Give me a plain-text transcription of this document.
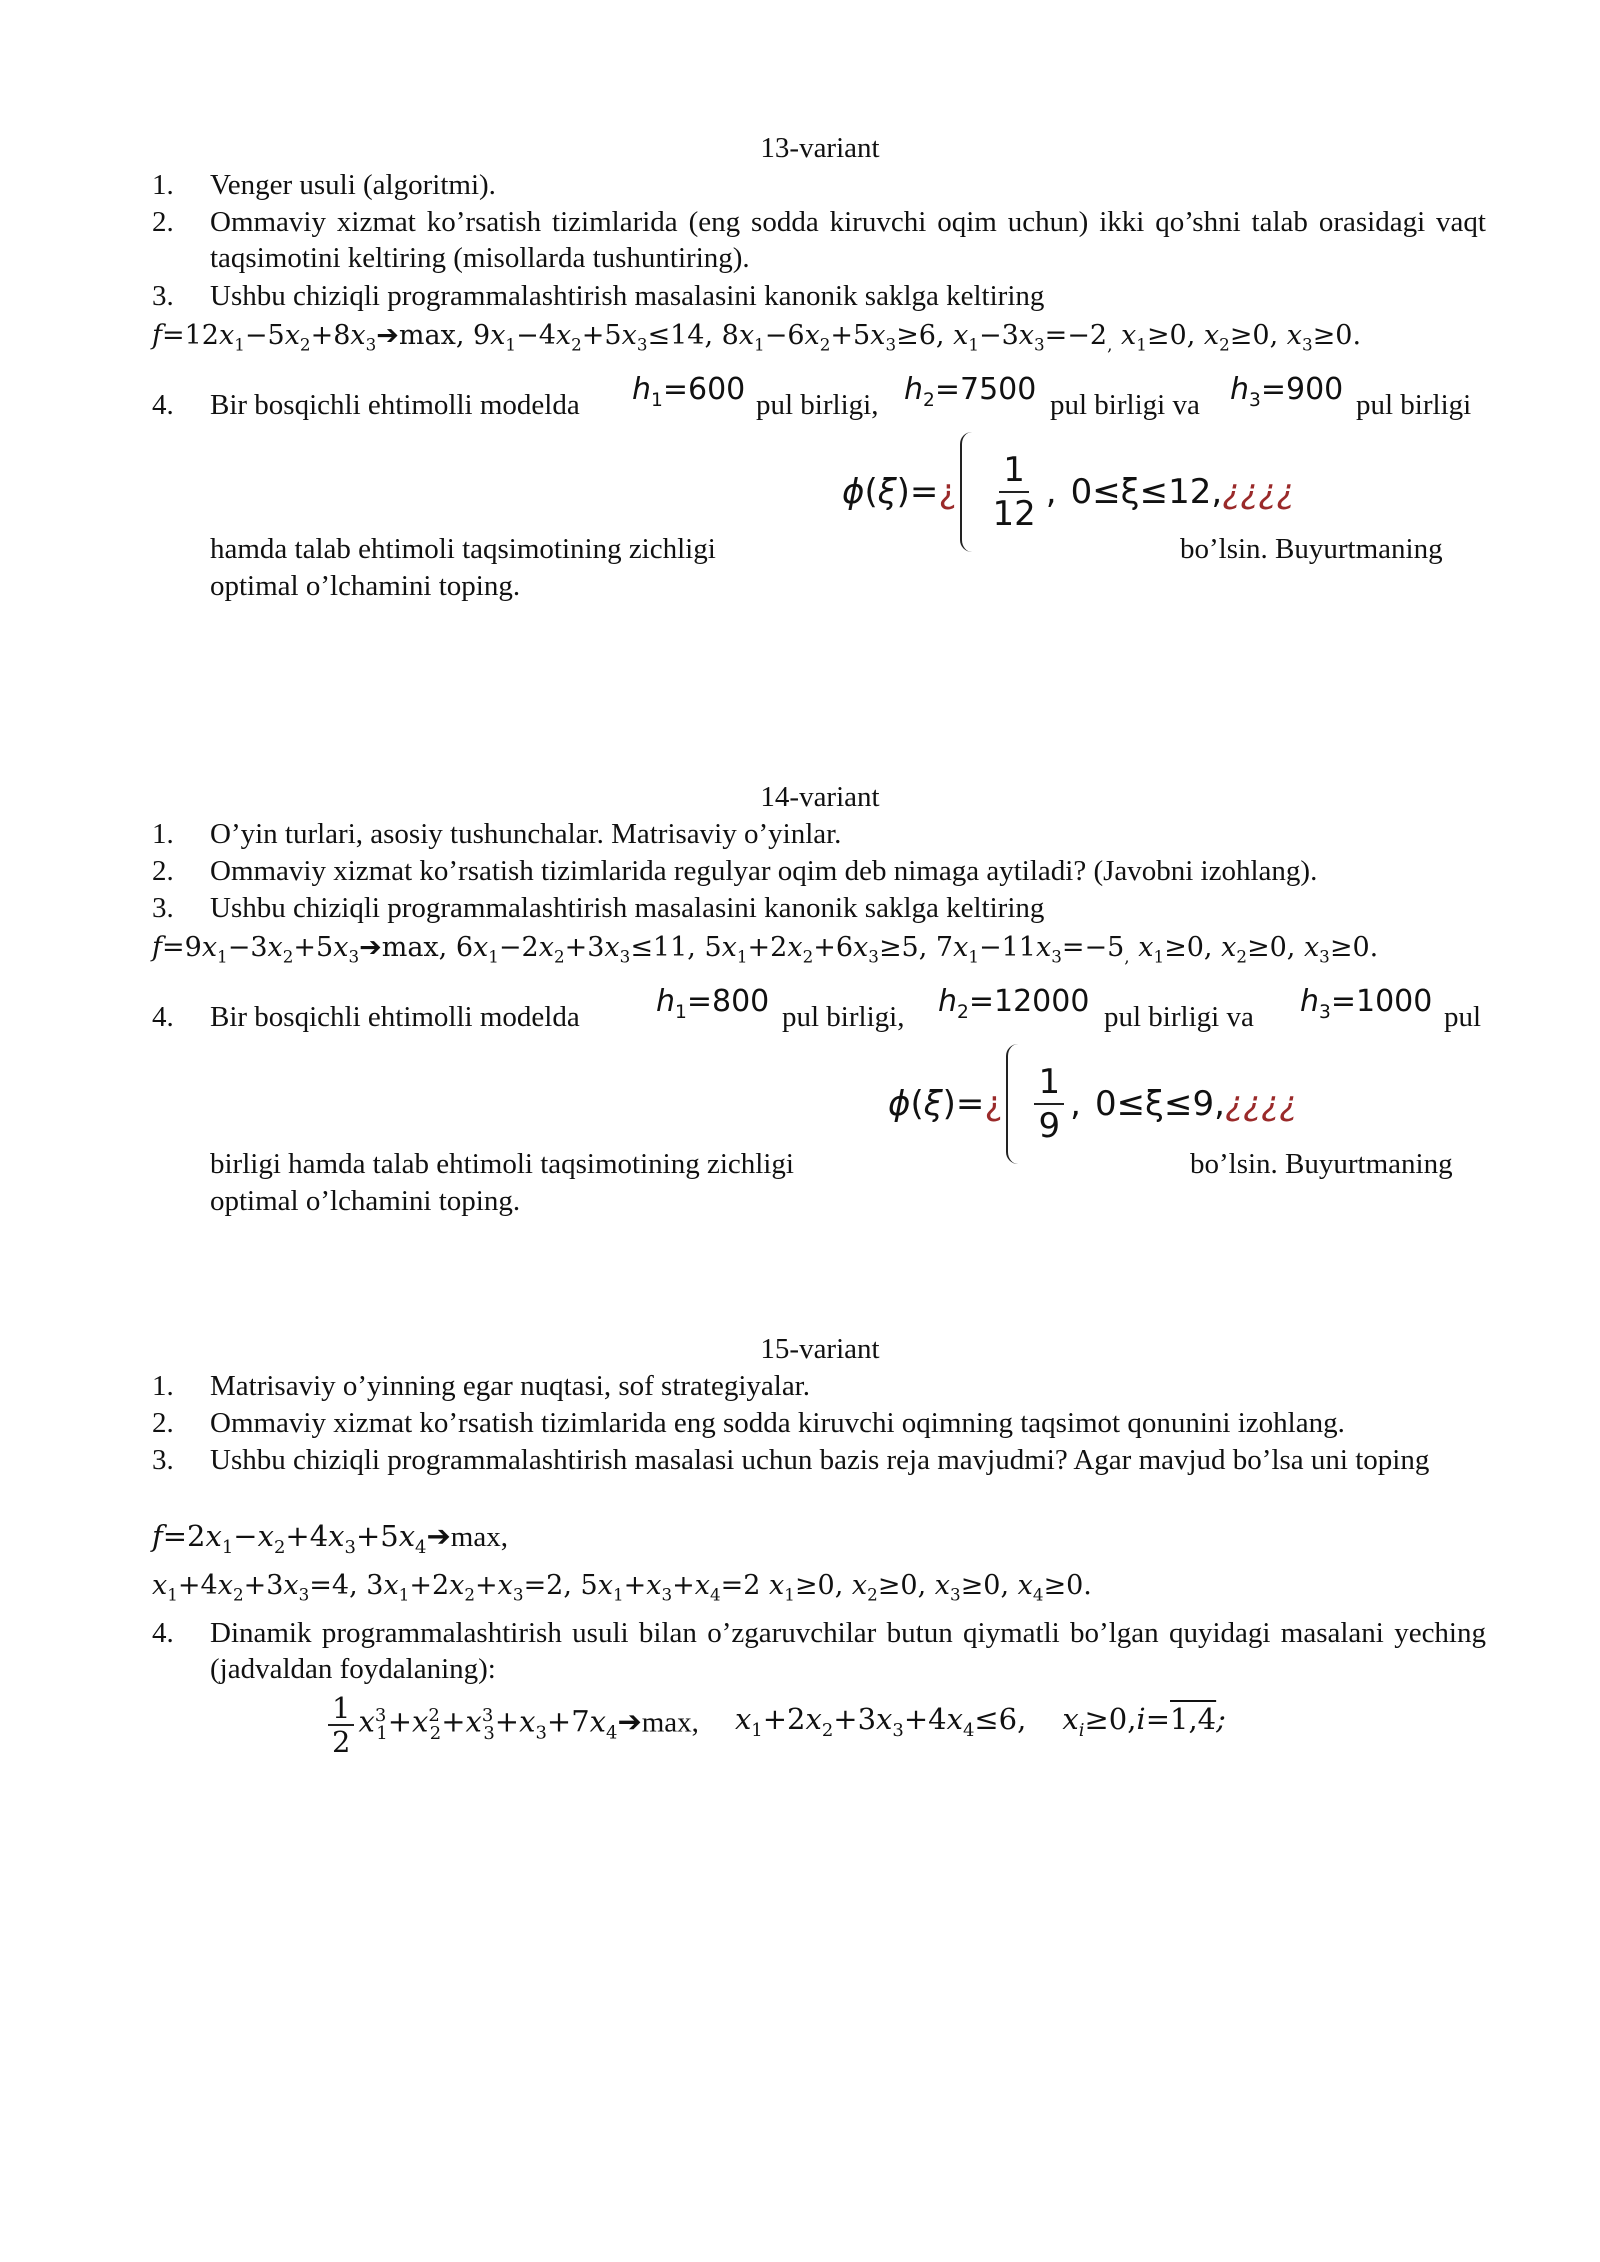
13-variant
1.	Venger usuli (algoritmi).
2.	Ommaviy xizmat ko’rsatish tizimlarida (eng sodda kiruvchi oqim uchun) ikki qo’shni talab orasidagi vaqt taqsimotini keltiring (misollarda tushuntiring).
3.	Ushbu chiziqli programmalashtirish masalasini kanonik saklga keltiring
$f=12x_1-5x_2+8x_3➔\max$, $9x_1-4x_2+5x_3\le 14$, $8x_1-6x_2+5x_3\ge 6$, $x_1-3x_3=-2_,$ $x_1\ge 0$, $x_2\ge 0$, $x_3\ge 0$.
4. Bir bosqichli ehtimolli modelda $h_1=600$ pul birligi, $h_2=7500$ pul birligi va $h_3=900$ pul birligi
ϕ ( ξ )= ¿ $\frac{1}{12}$ , 0≤ξ≤12, ¿¿¿¿
hamda talab ehtimoli taqsimotining zichligi	bo’lsin. Buyurtmaning
optimal o’lchamini toping.
14-variant
1.	O’yin turlari, asosiy tushunchalar. Matrisaviy o’yinlar.
2.	Ommaviy xizmat ko’rsatish tizimlarida regulyar oqim deb nimaga aytiladi? (Javobni izohlang).
3.	Ushbu chiziqli programmalashtirish masalasini kanonik saklga keltiring
$f=9x_1-3x_2+5x_3➔\max$, $6x_1-2x_2+3x_3\le 11$, $5x_1+2x_2+6x_3\ge 5$, $7x_1-11x_3=-5_,$ $x_1\ge 0$, $x_2\ge 0$, $x_3\ge 0$.
4. Bir bosqichli ehtimolli modelda	$h_1=800$ pul birligi, $h_2=12000$ pul birligi va $h_3=1000$ pul
ϕ ( ξ )= ¿ $\frac{1}{9}$ , 0≤ξ≤9, ¿¿¿¿
birligi hamda talab ehtimoli taqsimotining zichligi	bo’lsin. Buyurtmaning
optimal o’lchamini toping.
15-variant
1.	Matrisaviy o’yinning egar nuqtasi, sof strategiyalar.
2.	Ommaviy xizmat ko’rsatish tizimlarida eng sodda kiruvchi oqimning taqsimot qonunini izohlang.
3.	Ushbu chiziqli programmalashtirish masalasi uchun bazis reja mavjudmi? Agar mavjud bo’lsa uni toping
$f=2x_1-x_2+4x_3+5x_4➔\max$,
$x_1+4x_2+3x_3=4$, $3x_1+2x_2+x_3=2$, $5x_1+x_3+x_4=2$ $x_1\ge 0$, $x_2\ge 0$, $x_3\ge 0$, $x_4\ge 0$.
4.	Dinamik programmalashtirish usuli bilan o’zgaruvchilar butun qiymatli bo’lgan quyidagi masalani yeching (jadvaldan foydalaning):
$\frac{1}{2}$ $x^3_1+x^2_2+x^3_3+x_3+7x_4➔\max$, $x_1+2x_2+3x_3+4x_4\le 6$, $x_i\ge 0,i=1,4$;
